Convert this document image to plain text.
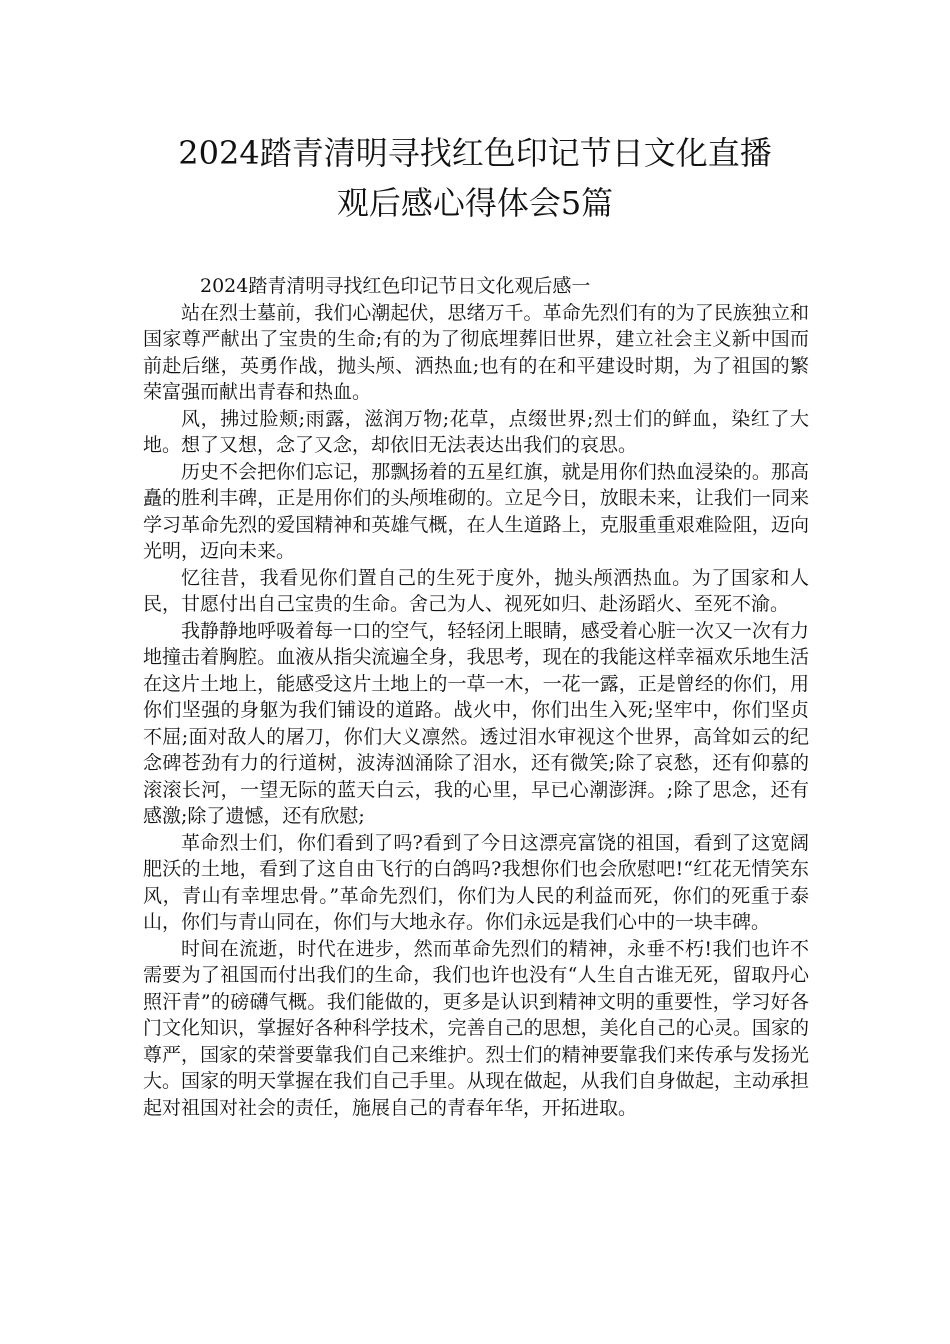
2024踏青清明寻找红色印记节日文化直播
观后感心得体会5篇

2024踏青清明寻找红色印记节日文化观后感一

站在烈士墓前，我们心潮起伏，思绪万千。革命先烈们有的为了民族独立和国家尊严献出了宝贵的生命;有的为了彻底埋葬旧世界，建立社会主义新中国而前赴后继，英勇作战，抛头颅、洒热血;也有的在和平建设时期，为了祖国的繁荣富强而献出青春和热血。

风，拂过脸颊;雨露，滋润万物;花草，点缀世界;烈士们的鲜血，染红了大地。想了又想，念了又念，却依旧无法表达出我们的哀思。

历史不会把你们忘记，那飘扬着的五星红旗，就是用你们热血浸染的。那高矗的胜利丰碑，正是用你们的头颅堆砌的。立足今日，放眼未来，让我们一同来学习革命先烈的爱国精神和英雄气概，在人生道路上，克服重重艰难险阻，迈向光明，迈向未来。

忆往昔，我看见你们置自己的生死于度外，抛头颅洒热血。为了国家和人民，甘愿付出自己宝贵的生命。舍己为人、视死如归、赴汤蹈火、至死不渝。

我静静地呼吸着每一口的空气，轻轻闭上眼睛，感受着心脏一次又一次有力地撞击着胸腔。血液从指尖流遍全身，我思考，现在的我能这样幸福欢乐地生活在这片土地上，能感受这片土地上的一草一木，一花一露，正是曾经的你们，用你们坚强的身躯为我们铺设的道路。战火中，你们出生入死;坚牢中，你们坚贞不屈;面对敌人的屠刀，你们大义凛然。透过泪水审视这个世界，高耸如云的纪念碑苍劲有力的行道树，波涛汹涌除了泪水，还有微笑;除了哀愁，还有仰慕的滚滚长河，一望无际的蓝天白云，我的心里，早已心潮澎湃。;除了思念，还有感激;除了遗憾，还有欣慰;

革命烈士们，你们看到了吗?看到了今日这漂亮富饶的祖国，看到了这宽阔肥沃的土地，看到了这自由飞行的白鸽吗?我想你们也会欣慰吧!“红花无情笑东风，青山有幸埋忠骨。”革命先烈们，你们为人民的利益而死，你们的死重于泰山，你们与青山同在，你们与大地永存。你们永远是我们心中的一块丰碑。

时间在流逝，时代在进步，然而革命先烈们的精神，永垂不朽!我们也许不需要为了祖国而付出我们的生命，我们也许也没有“人生自古谁无死，留取丹心照汗青”的磅礴气概。我们能做的，更多是认识到精神文明的重要性，学习好各门文化知识，掌握好各种科学技术，完善自己的思想，美化自己的心灵。国家的尊严，国家的荣誉要靠我们自己来维护。烈士们的精神要靠我们来传承与发扬光大。国家的明天掌握在我们自己手里。从现在做起，从我们自身做起，主动承担起对祖国对社会的责任，施展自己的青春年华，开拓进取。
